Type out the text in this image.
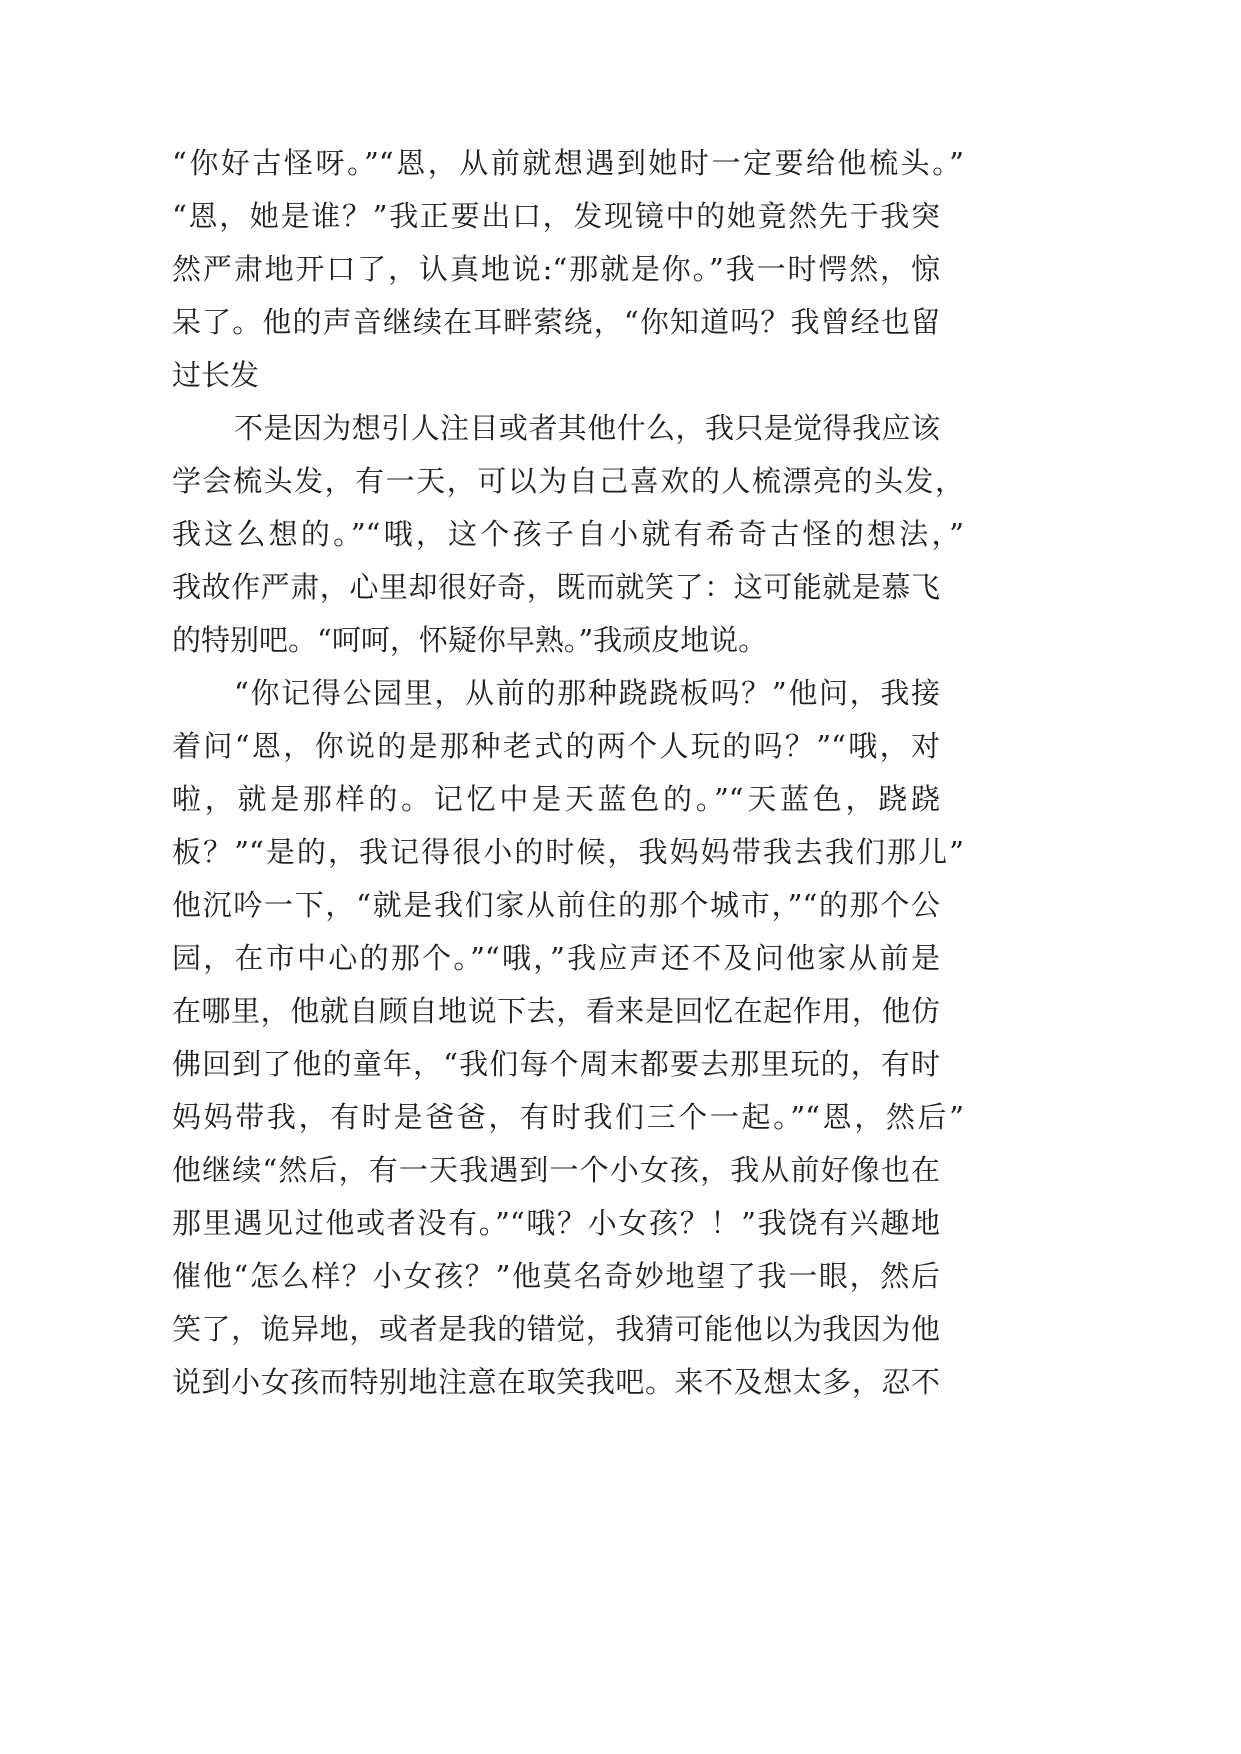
“你好古怪呀。”“恩，从前就想遇到她时一定要给他梳头。”
“恩，她是谁？”我正要出口，发现镜中的她竟然先于我突
然严肃地开口了，认真地说:“那就是你。”我一时愕然，惊
呆了。他的声音继续在耳畔萦绕，“你知道吗？我曾经也留
过长发
不是因为想引人注目或者其他什么，我只是觉得我应该
学会梳头发，有一天，可以为自己喜欢的人梳漂亮的头发，
我这么想的。”“哦，这个孩子自小就有希奇古怪的想法，”
我故作严肃，心里却很好奇，既而就笑了：这可能就是慕飞
的特别吧。“呵呵，怀疑你早熟。”我顽皮地说。
“你记得公园里，从前的那种跷跷板吗？”他问，我接
着问“恩，你说的是那种老式的两个人玩的吗？”“哦，对
啦，就是那样的。记忆中是天蓝色的。”“天蓝色，跷跷
板？”“是的，我记得很小的时候，我妈妈带我去我们那儿”
他沉吟一下，“就是我们家从前住的那个城市，”“的那个公
园，在市中心的那个。”“哦，”我应声还不及问他家从前是
在哪里，他就自顾自地说下去，看来是回忆在起作用，他仿
佛回到了他的童年，“我们每个周末都要去那里玩的，有时
妈妈带我，有时是爸爸，有时我们三个一起。”“恩，然后”
他继续“然后，有一天我遇到一个小女孩，我从前好像也在
那里遇见过他或者没有。”“哦？小女孩？！”我饶有兴趣地
催他“怎么样？小女孩？”他莫名奇妙地望了我一眼，然后
笑了，诡异地，或者是我的错觉，我猜可能他以为我因为他
说到小女孩而特别地注意在取笑我吧。来不及想太多，忍不
